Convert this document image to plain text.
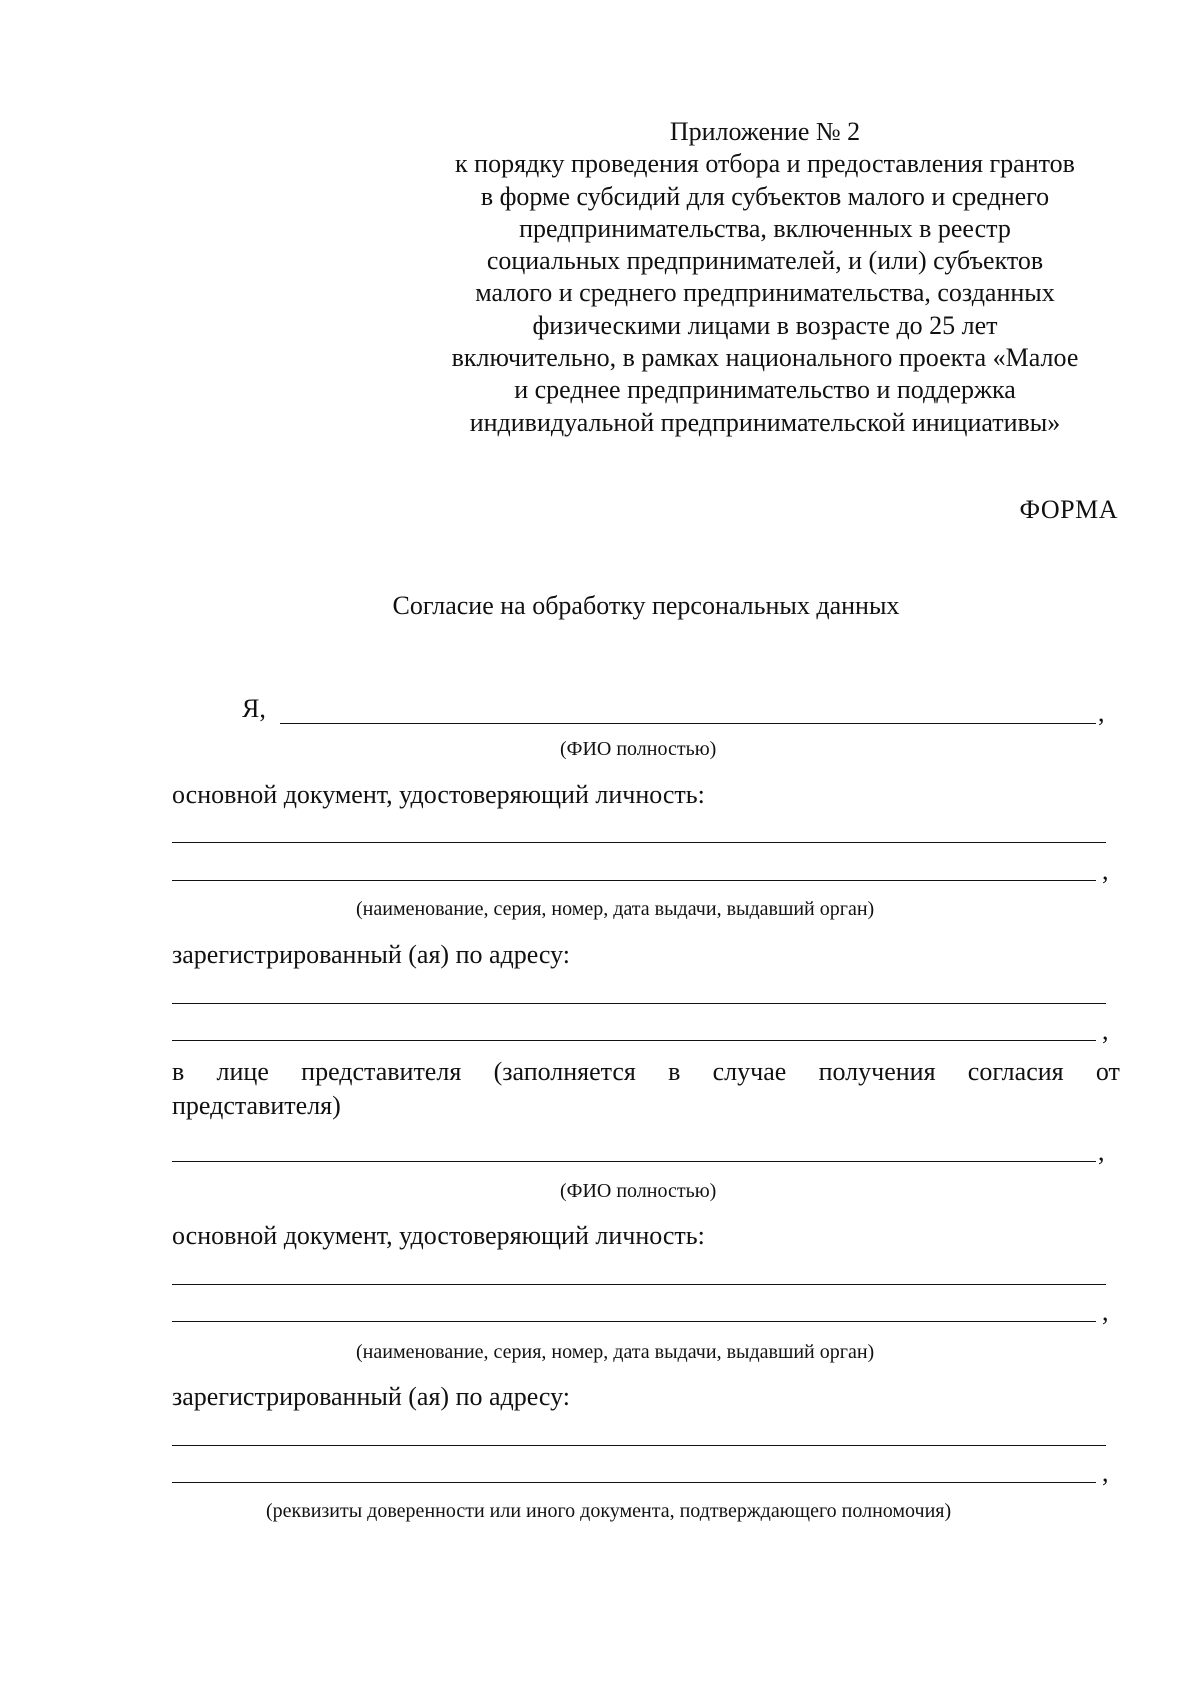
Приложение № 2
к порядку проведения отбора и предоставления грантов
в форме субсидий для субъектов малого и среднего
предпринимательства, включенных в реестр
социальных предпринимателей, и (или) субъектов
малого и среднего предпринимательства, созданных
физическими лицами в возрасте до 25 лет
включительно, в рамках национального проекта «Малое
и среднее предпринимательство и поддержка
индивидуальной предпринимательской инициативы»
ФОРМА
Согласие на обработку персональных данных
Я,	,
(ФИО полностью)
основной документ, удостоверяющий личность:
,
(наименование, серия, номер, дата выдачи, выдавший орган)
зарегистрированный (ая) по адресу:
,
в лице представителя (заполняется в случае получения согласия от
представителя)
,
(ФИО полностью)
основной документ, удостоверяющий личность:
,
(наименование, серия, номер, дата выдачи, выдавший орган)
зарегистрированный (ая) по адресу:
,
(реквизиты доверенности или иного документа, подтверждающего полномочия)
